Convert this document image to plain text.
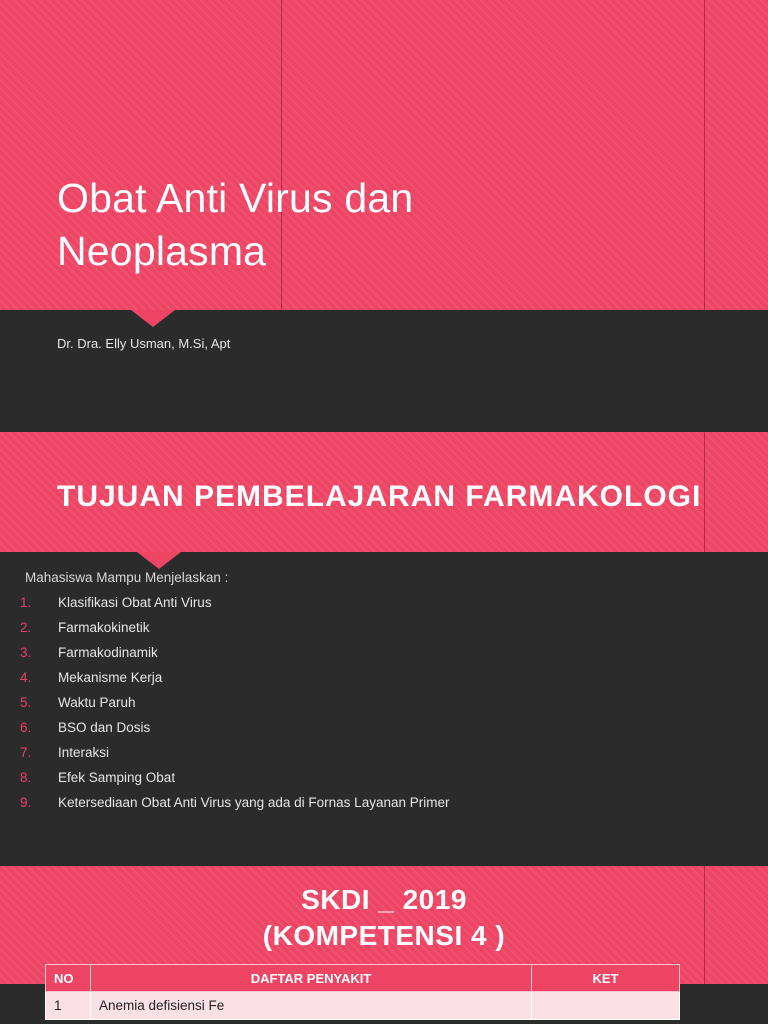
Obat Anti Virus dan
Neoplasma

Dr. Dra. Elly Usman, M.Si, Apt

TUJUAN PEMBELAJARAN FARMAKOLOGI

Mahasiswa Mampu Menjelaskan :

1.	Klasifikasi Obat Anti Virus
2.	Farmakokinetik
3.	Farmakodinamik
4.	Mekanisme Kerja
5.	Waktu Paruh
6.	BSO dan Dosis
7.	Interaksi
8.	Efek Samping Obat
9.	Ketersediaan Obat Anti Virus yang ada di Fornas Layanan Primer
SKDI _ 2019
(KOMPETENSI 4 )
NO	DAFTAR PENYAKIT	KET
1	Anemia defisiensi Fe	
